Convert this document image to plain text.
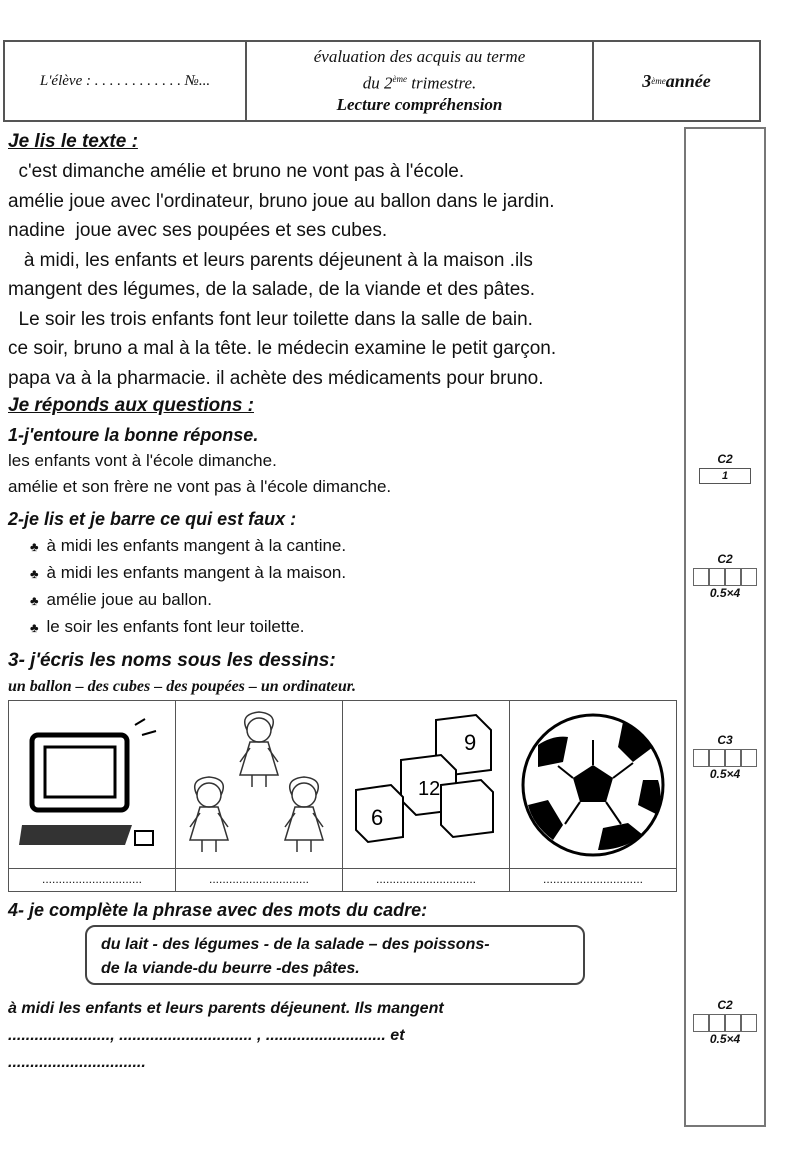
L'élève : . . . . . . . . . . . . №...
évaluation des acquis au terme
du 2ème trimestre.
Lecture compréhension
3 ème année
Je lis le texte :
c'est dimanche amélie et bruno ne vont pas à l'école.
amélie joue avec l'ordinateur, bruno joue au ballon dans le jardin.
nadine  joue avec ses poupées et ses cubes.
à midi, les enfants et leurs parents déjeunent à la maison .ils
mangent des légumes, de la salade, de la viande et des pâtes.
Le soir les trois enfants font leur toilette dans la salle de bain.
ce soir, bruno a mal à la tête. le médecin examine le petit garçon.
papa va à la pharmacie. il achète des médicaments pour bruno.
Je réponds aux questions :
1-j'entoure la bonne réponse.
les enfants vont à l'école dimanche.
amélie et son frère ne vont pas à l'école dimanche.
2-je lis et je barre ce qui est faux :
♣ à midi les enfants mangent à la cantine.
♣ à midi les enfants mangent à la maison.
♣ amélie joue au ballon.
♣ le soir les enfants font leur toilette.
3- j'écris les noms sous les dessins:
un ballon – des cubes – des poupées – un ordinateur.
..............................	..............................
9
12
6
..............................	..............................
4- je complète la phrase avec des mots du cadre:
du lait - des légumes - de la salade – des poissons-
de la viande-du beurre -des pâtes.
à midi les enfants et leurs parents déjeunent. Ils mangent
......................., .............................. , ........................... et
...............................
C2
1
C2
0.5×4
C3
0.5×4
C2
0.5×4
